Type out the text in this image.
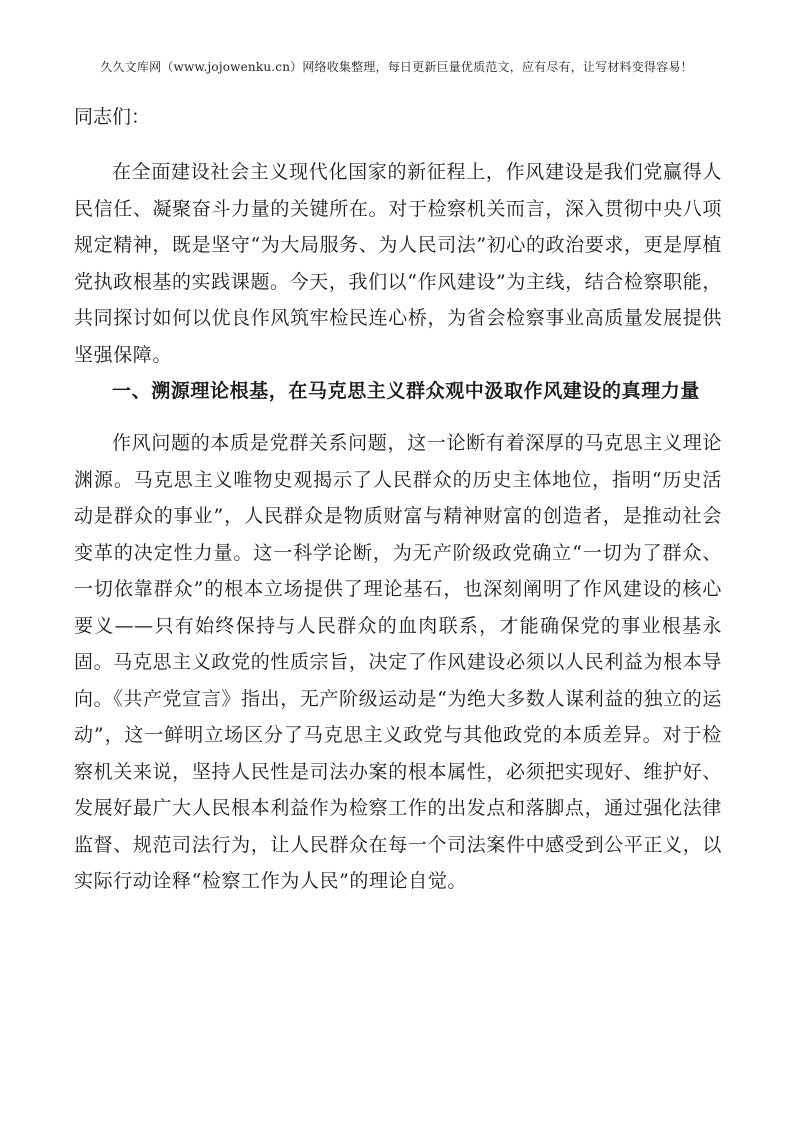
久久文库网（www.jojowenku.cn）网络收集整理，每日更新巨量优质范文，应有尽有，让写材料变得容易！

同志们：

在全面建设社会主义现代化国家的新征程上，作风建设是我们党赢得人民信任、凝聚奋斗力量的关键所在。对于检察机关而言，深入贯彻中央八项规定精神，既是坚守“为大局服务、为人民司法”初心的政治要求，更是厚植党执政根基的实践课题。今天，我们以“作风建设”为主线，结合检察职能，共同探讨如何以优良作风筑牢检民连心桥，为省会检察事业高质量发展提供坚强保障。

一、溯源理论根基，在马克思主义群众观中汲取作风建设的真理力量

作风问题的本质是党群关系问题，这一论断有着深厚的马克思主义理论渊源。马克思主义唯物史观揭示了人民群众的历史主体地位，指明“历史活动是群众的事业”，人民群众是物质财富与精神财富的创造者，是推动社会变革的决定性力量。这一科学论断，为无产阶级政党确立“一切为了群众、一切依靠群众”的根本立场提供了理论基石，也深刻阐明了作风建设的核心要义——只有始终保持与人民群众的血肉联系，才能确保党的事业根基永固。马克思主义政党的性质宗旨，决定了作风建设必须以人民利益为根本导向。《共产党宣言》指出，无产阶级运动是“为绝大多数人谋利益的独立的运动”，这一鲜明立场区分了马克思主义政党与其他政党的本质差异。对于检察机关来说，坚持人民性是司法办案的根本属性，必须把实现好、维护好、发展好最广大人民根本利益作为检察工作的出发点和落脚点，通过强化法律监督、规范司法行为，让人民群众在每一个司法案件中感受到公平正义，以实际行动诠释“检察工作为人民”的理论自觉。
